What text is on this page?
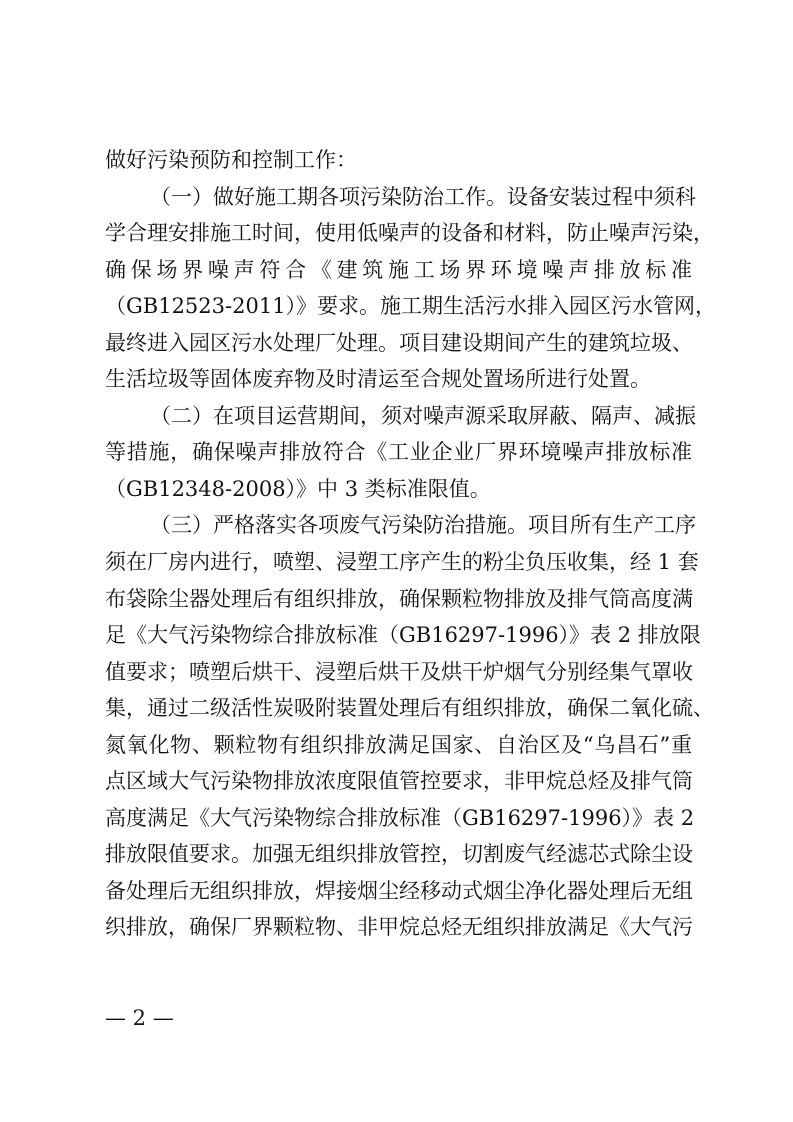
做好污染预防和控制工作：
（一）做好施工期各项污染防治工作。设备安装过程中须科
学合理安排施工时间，使用低噪声的设备和材料，防止噪声污染，
确保场界噪声符合《建筑施工场界环境噪声排放标准
（GB12523-2011）》要求。施工期生活污水排入园区污水管网，
最终进入园区污水处理厂处理。项目建设期间产生的建筑垃圾、
生活垃圾等固体废弃物及时清运至合规处置场所进行处置。
（二）在项目运营期间，须对噪声源采取屏蔽、隔声、减振
等措施，确保噪声排放符合《工业企业厂界环境噪声排放标准
（GB12348-2008）》中 3 类标准限值。
（三）严格落实各项废气污染防治措施。项目所有生产工序
须在厂房内进行，喷塑、浸塑工序产生的粉尘负压收集，经 1 套
布袋除尘器处理后有组织排放，确保颗粒物排放及排气筒高度满
足《大气污染物综合排放标准（GB16297-1996）》表 2 排放限
值要求；喷塑后烘干、浸塑后烘干及烘干炉烟气分别经集气罩收
集，通过二级活性炭吸附装置处理后有组织排放，确保二氧化硫、
氮氧化物、颗粒物有组织排放满足国家、自治区及“乌昌石”重
点区域大气污染物排放浓度限值管控要求，非甲烷总烃及排气筒
高度满足《大气污染物综合排放标准（GB16297-1996）》表 2
排放限值要求。加强无组织排放管控，切割废气经滤芯式除尘设
备处理后无组织排放，焊接烟尘经移动式烟尘净化器处理后无组
织排放，确保厂界颗粒物、非甲烷总烃无组织排放满足《大气污
— 2 —
